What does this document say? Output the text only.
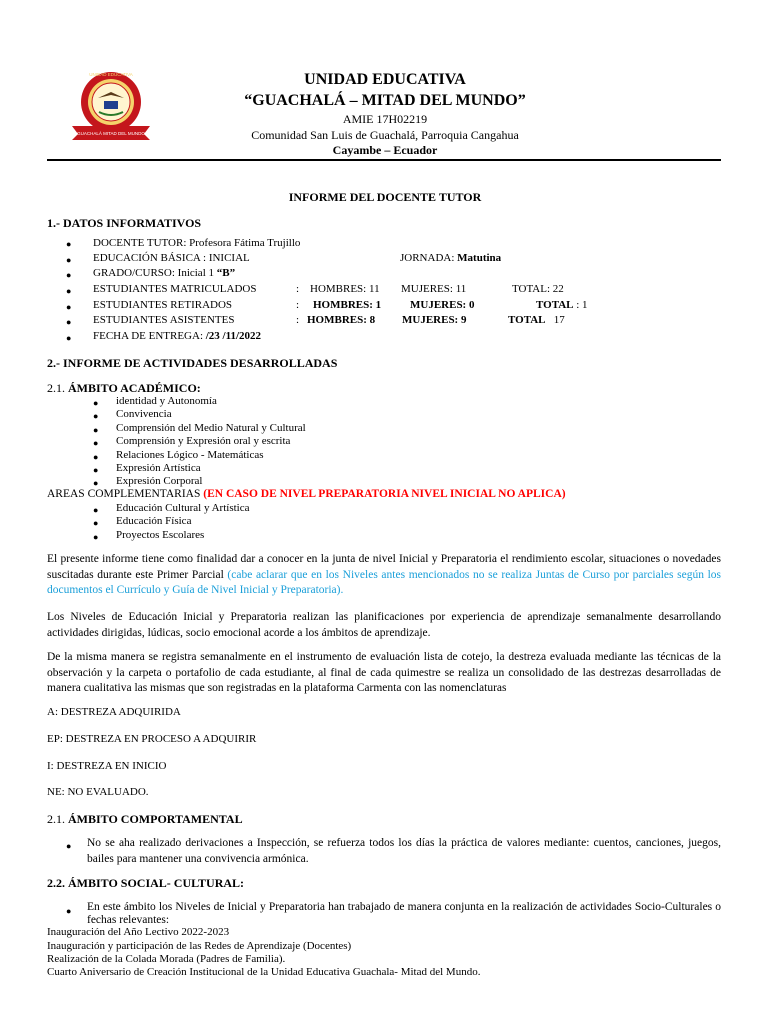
UNIDAD EDUCATIVA
GUACHALÁ MITAD DEL MUNDO
UNIDAD EDUCATIVA
“GUACHALÁ – MITAD DEL MUNDO”
AMIE 17H02219
Comunidad San Luis de Guachalá, Parroquia Cangahua
Cayambe – Ecuador
INFORME DEL DOCENTE TUTOR
1.- DATOS INFORMATIVOS
● DOCENTE TUTOR: Profesora Fátima Trujillo
● EDUCACIÓN BÁSICA : INICIAL	JORNADA: Matutina
● GRADO/CURSO: Inicial 1 “B”
● ESTUDIANTES MATRICULADOS	: HOMBRES: 11 MUJERES: 11	TOTAL: 22
● ESTUDIANTES RETIRADOS	: HOMBRES: 1	MUJERES: 0	TOTAL : 1
● ESTUDIANTES ASISTENTES	: HOMBRES: 8 MUJERES: 9	TOTAL 17
● FECHA DE ENTREGA: /23 /11/2022
2.- INFORME DE ACTIVIDADES DESARROLLADAS
2.1. ÁMBITO ACADÉMICO:
● identidad y Autonomía
● Convivencia
● Comprensión del Medio Natural y Cultural
● Comprensión y Expresión oral y escrita
● Relaciones Lógico - Matemáticas
● Expresión Artística
● Expresión Corporal
AREAS COMPLEMENTARIAS (EN CASO DE NIVEL PREPARATORIA NIVEL INICIAL NO APLICA)
● Educación Cultural y Artística
● Educación Física
● Proyectos Escolares
El presente informe tiene como finalidad dar a conocer en la junta de nivel Inicial y Preparatoria el rendimiento escolar, situaciones o novedades suscitadas durante este Primer Parcial (cabe aclarar que en los Niveles antes mencionados no se realiza Juntas de Curso por parciales según los documentos el Currículo y Guía de Nivel Inicial y Preparatoria).
Los Niveles de Educación Inicial y Preparatoria realizan las planificaciones por experiencia de aprendizaje semanalmente desarrollando actividades dirigidas, lúdicas, socio emocional acorde a los ámbitos de aprendizaje.
De la misma manera se registra semanalmente en el instrumento de evaluación lista de cotejo, la destreza evaluada mediante las técnicas de la observación y la carpeta o portafolio de cada estudiante, al final de cada quimestre se realiza un consolidado de las destrezas desarrolladas de manera cualitativa las mismas que son registradas en la plataforma Carmenta con las nomenclaturas
A: DESTREZA ADQUIRIDA
EP: DESTREZA EN PROCESO A ADQUIRIR
I: DESTREZA EN INICIO
NE: NO EVALUADO.
2.1. ÁMBITO COMPORTAMENTAL
● No se aha realizado derivaciones a Inspección, se refuerza todos los días la práctica de valores mediante: cuentos, canciones, juegos, bailes para mantener una convivencia armónica.
2.2. ÁMBITO SOCIAL- CULTURAL:
● En este ámbito los Niveles de Inicial y Preparatoria han trabajado de manera conjunta en la realización de actividades Socio-Culturales o fechas relevantes:
Inauguración del Año Lectivo 2022-2023
Inauguración y participación de las Redes de Aprendizaje (Docentes)
Realización de la Colada Morada (Padres de Familia).
Cuarto Aniversario de Creación Institucional de la Unidad Educativa Guachala- Mitad del Mundo.
